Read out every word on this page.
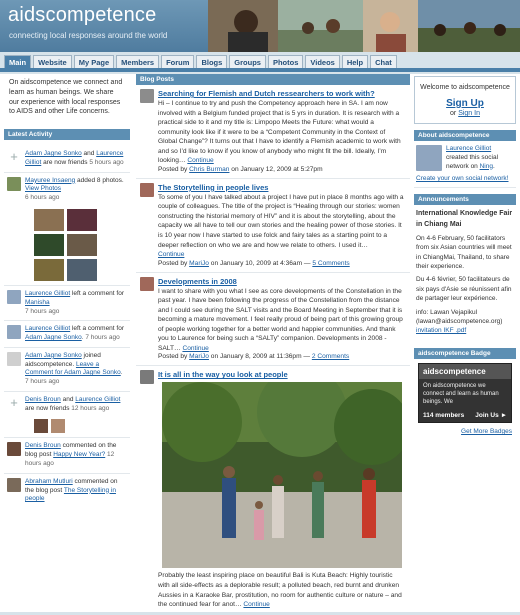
aidscompetence
connecting local responses around the world
Main	Website	My Page	Members	Forum	Blogs	Groups	Photos	Videos	Help	Chat
On aidscompetence we connect and learn as human beings. We share our experience with local responses to AIDS and other Life concerns.
Latest Activity
+	Adam Jagne Sonko and Laurence Gilliot are now friends 5 hours ago
Mayuree Insaeng added 8 photos. View Photos
6 hours ago
Laurence Gilliot left a comment for Manisha
7 hours ago
Laurence Gilliot left a comment for Adam Jagne Sonko. 7 hours ago
Adam Jagne Sonko joined aidscompetence. Leave a Comment for Adam Jagne Sonko. 7 hours ago
+	Denis Broun and Laurence Gilliot are now friends 12 hours ago
Denis Broun commented on the blog post Happy New Year? 12 hours ago
Abraham Mutluri commented on the blog post The Storytelling in people
Blog Posts
Searching for Flemish and Dutch ressearchers to work with?
Hi – I continue to try and push the Competency approach here in SA. I am now involved with a Belgium funded project that is 5 yrs in duration. It is research with a practical side to it and my title is: Limpopo Meets the Future: what would a community look like if it were to be a “Competent Community in the Context of Global Change”? It turns out that I have to identify a Flemish academic to work with and so I’d like to know if you know of anybody who might fit the bill. Ideally, I’m looking… Continue
Posted by Chris Burman on January 12, 2009 at 5:27pm
The Storytelling in people lives
To some of you I have talked about a project I have put in place 8 months ago with a couple of colleagues. The title of the project is “Healing through our stories: women constructing the historial memory of HIV” and it is about the storytelling, about the capacity we all have to tell our own stories and the healing power of those stories. It is 10 year now I have started to use folck and fairy tales as a starting point to a deeper reflection on who we are and how we relate to others. I used it…
Continue
Posted by MariJo on January 10, 2009 at 4:36am — 5 Comments
Developments in 2008
I want to share with you what I see as core developments of the Constellation in the past year. I have been following the progress of the Constellation from the distance and I could see during the SALT visits and the Board Meeting in September that it is becoming a mature movement. I feel really proud of being part of this growing group of people working together for a better world and happier communities. And thank you to Laurence for being such a “SALTy” companion. Developments in 2008 - SALT… Continue
Posted by MariJo on January 8, 2009 at 11:36pm — 2 Comments
It is all in the way you look at people
Probably the least inspiring place on beautiful Bali is Kuta Beach: Highly touristic with all side-effects as a deplorable result; a polluted beach, red burnt and drunken Aussies in a Karaoke Bar, prostitution, no room for authentic culture or nature – and the continued fear for anot… Continue
Welcome to aidscompetence
Sign Up
or Sign In
About aidscompetence
Laurence Gilliot created this social network on Ning.
Create your own social network!
Announcements
International Knowledge Fair in Chiang Mai
On 4-6 February, 50 facilitators from six Asian countries will meet in ChiangMai, Thailand, to share their experience.
Du 4-6 février, 50 facilitateurs de six pays d'Asie se réunissent afin de partager leur expérience.
info: Lawan Vejapikul (lawan@aidscompetence.org)
invitation IKF .pdf
aidscompetence Badge
aidscompetence
On aidscompetence we connect and learn as human beings. We
114 members Join Us ►
Get More Badges
